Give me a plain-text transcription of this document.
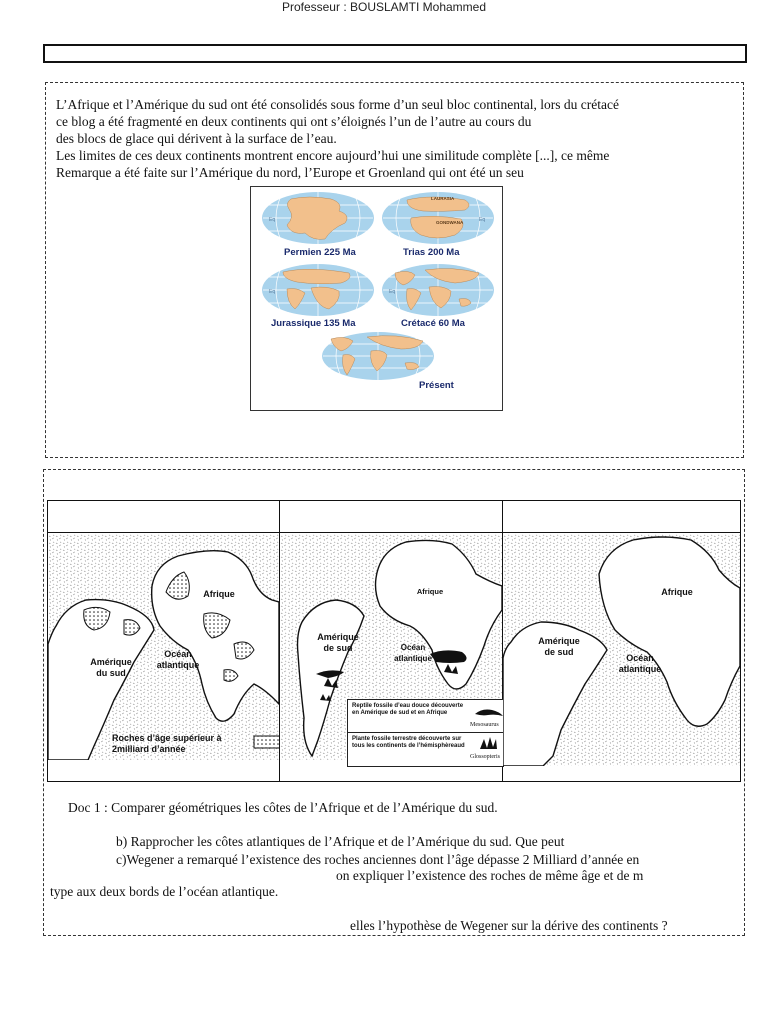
Professeur : BOUSLAMTI Mohammed
L’Afrique et l’Amérique du sud ont été consolidés sous forme d’un seul bloc continental, lors du crétacé
ce blog a été fragmenté en deux continents qui ont s’éloignés l’un de l’autre au cours du
des blocs de glace qui dérivent à la surface de l’eau.
Les limites de ces deux continents montrent encore aujourd’hui une similitude complète [...], ce même
Remarque a été faite sur l’Amérique du nord, l’Europe et Groenland qui ont été un seu
Eq
Permien 225 Ma
LAURASIA
GONDWANA	Eq
Trias 200 Ma
Eq
Jurassique 135 Ma
Eq
Crétacé 60 Ma
Présent
Afrique
Amérique du sud
Océan atlantique
Roches d’âge supérieur à 2milliard d’année
Afrique
Amérique de sud	Océan atlantique
Reptile fossile d’eau douce découverte en Amérique de sud et en Afrique
Mesosaurus
Plante fossile terrestre découverte sur tous les continents de l’hémisphèreaud
Glossopteris
Afrique
Amérique de sud
Océan atlantique
Doc 1 : Comparer géométriques les côtes de l’Afrique et de l’Amérique du sud.
b) Rapprocher les côtes atlantiques de l’Afrique et de l’Amérique du sud. Que peut
c)Wegener a remarqué l’existence des roches anciennes dont l’âge dépasse 2 Milliard d’année en
on expliquer l’existence des roches de même âge et de m
type aux deux bords de l’océan atlantique.
elles l’hypothèse de Wegener sur la dérive des continents ?
